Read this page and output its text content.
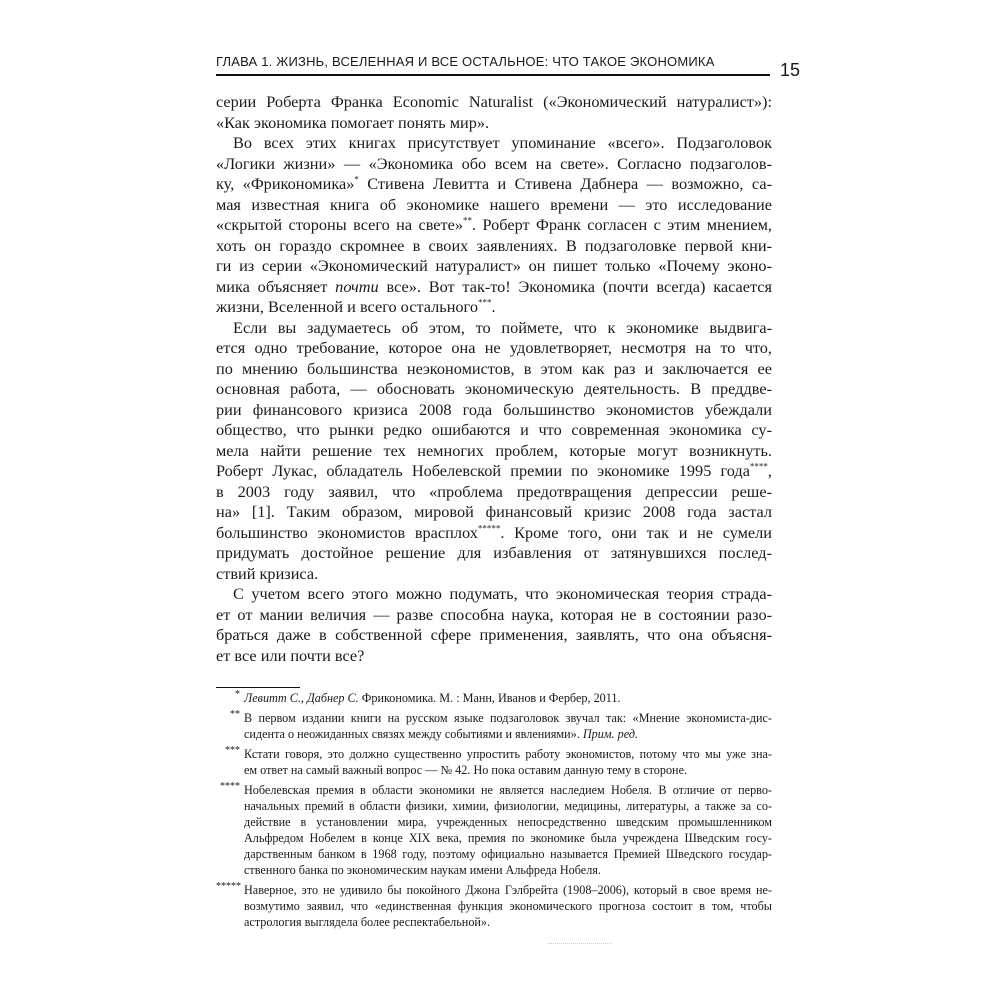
ГЛАВА 1. ЖИЗНЬ, ВСЕЛЕННАЯ И ВСЕ ОСТАЛЬНОЕ: ЧТО ТАКОЕ ЭКОНОМИКА	15

серии Роберта Франка Economic Naturalist («Экономический натуралист»):
«Как экономика помогает понять мир».

Во всех этих книгах присутствует упоминание «всего». Подзаголовок
«Логики жизни» — «Экономика обо всем на свете». Согласно подзаголов-
ку, «Фрикономика»* Стивена Левитта и Стивена Дабнера — возможно, са-
мая известная книга об экономике нашего времени — это исследование
«скрытой стороны всего на свете»**. Роберт Франк согласен с этим мнением,
хоть он гораздо скромнее в своих заявлениях. В подзаголовке первой кни-
ги из серии «Экономический натуралист» он пишет только «Почему эконо-
мика объясняет почти все». Вот так-то! Экономика (почти всегда) касается
жизни, Вселенной и всего остального***.

Если вы задумаетесь об этом, то поймете, что к экономике выдвига-
ется одно требование, которое она не удовлетворяет, несмотря на то что,
по мнению большинства неэкономистов, в этом как раз и заключается ее
основная работа, — обосновать экономическую деятельность. В преддве-
рии финансового кризиса 2008 года большинство экономистов убеждали
общество, что рынки редко ошибаются и что современная экономика су-
мела найти решение тех немногих проблем, которые могут возникнуть.
Роберт Лукас, обладатель Нобелевской премии по экономике 1995 года****,
в 2003 году заявил, что «проблема предотвращения депрессии реше-
на» [1]. Таким образом, мировой финансовый кризис 2008 года застал
большинство экономистов врасплох*****. Кроме того, они так и не сумели
придумать достойное решение для избавления от затянувшихся послед-
ствий кризиса.

С учетом всего этого можно подумать, что экономическая теория страда-
ет от мании величия — разве способна наука, которая не в состоянии разо-
браться даже в собственной сфере применения, заявлять, что она объясня-
ет все или почти все?

* Левитт С., Дабнер С. Фрикономика. М. : Манн, Иванов и Фербер, 2011.
** В первом издании книги на русском языке подзаголовок звучал так: «Мнение экономиста-дис-
сидента о неожиданных связях между событиями и явлениями». Прим. ред.
*** Кстати говоря, это должно существенно упростить работу экономистов, потому что мы уже зна-
ем ответ на самый важный вопрос — № 42. Но пока оставим данную тему в стороне.
**** Нобелевская премия в области экономики не является наследием Нобеля. В отличие от перво-
начальных премий в области физики, химии, физиологии, медицины, литературы, а также за со-
действие в установлении мира, учрежденных непосредственно шведским промышленником
Альфредом Нобелем в конце XIX века, премия по экономике была учреждена Шведским госу-
дарственным банком в 1968 году, поэтому официально называется Премией Шведского государ-
ственного банка по экономическим наукам имени Альфреда Нобеля.
***** Наверное, это не удивило бы покойного Джона Гэлбрейта (1908–2006), который в свое время не-
возмутимо заявил, что «единственная функция экономического прогноза состоит в том, чтобы
астрология выглядела более респектабельной».
